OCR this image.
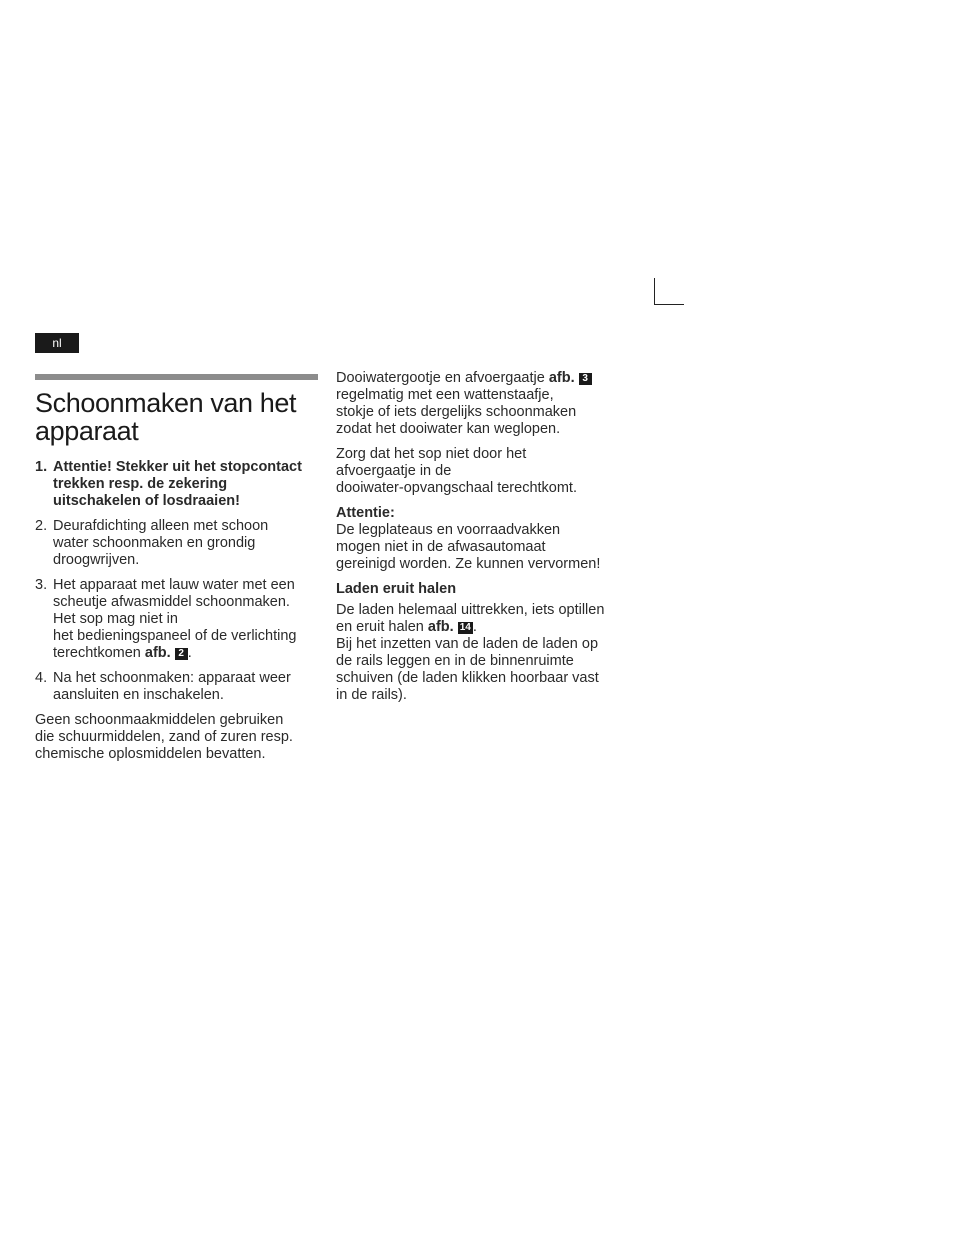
nl
Schoonmaken van het
apparaat
1. Attentie! Stekker uit het stopcontact
trekken resp. de zekering
uitschakelen of losdraaien!
2. Deurafdichting alleen met schoon
water schoonmaken en grondig
droogwrijven.
3. Het apparaat met lauw water met een
scheutje afwasmiddel schoonmaken.
Het sop mag niet in
het bedieningspaneel of de verlichting
terechtkomen afb. 2 .
4. Na het schoonmaken: apparaat weer
aansluiten en inschakelen.

Geen schoonmaakmiddelen gebruiken
die schuurmiddelen, zand of zuren resp.
chemische oplosmiddelen bevatten.

Dooiwatergootje en afvoergaatje afb. 3
regelmatig met een wattenstaafje,
stokje of iets dergelijks schoonmaken
zodat het dooiwater kan weglopen.

Zorg dat het sop niet door het
afvoergaatje in de
dooiwater-opvangschaal terechtkomt.

Attentie:
De legplateaus en voorraadvakken
mogen niet in de afwasautomaat
gereinigd worden. Ze kunnen vervormen!

Laden eruit halen
De laden helemaal uittrekken, iets optillen
en eruit halen afb. 14 .
Bij het inzetten van de laden de laden op
de rails leggen en in de binnenruimte
schuiven (de laden klikken hoorbaar vast
in de rails).
